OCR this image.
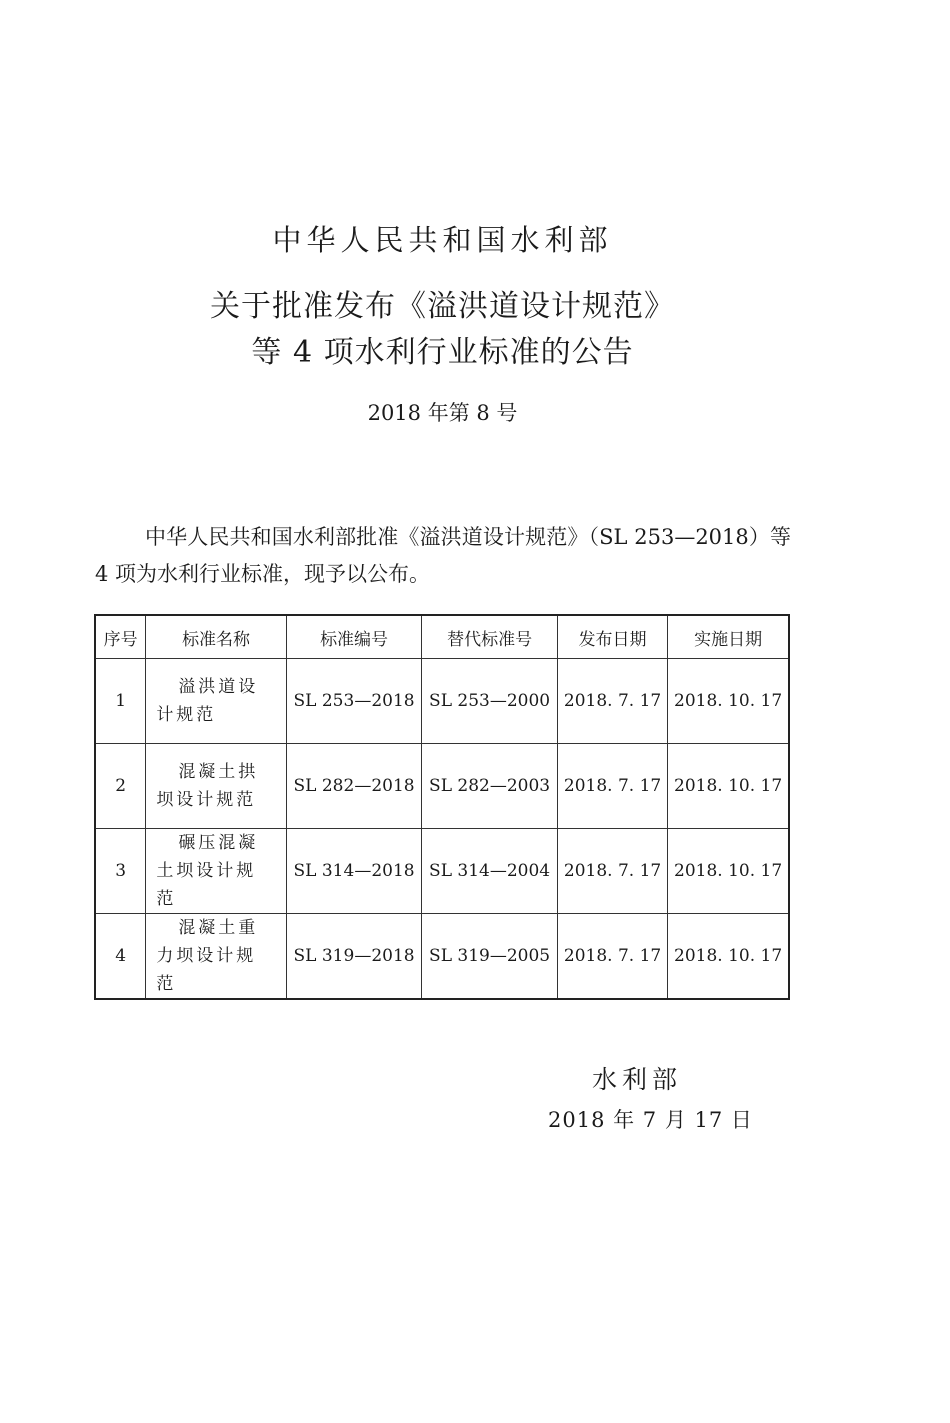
中华人民共和国水利部
关于批准发布《溢洪道设计规范》
等 4 项水利行业标准的公告
2018 年第 8 号

中华人民共和国水利部批准《溢洪道设计规范》（SL 253—2018）等 4 项为水利行业标准，现予以公布。

序号	标准名称	标准编号	替代标准号	发布日期	实施日期
1	溢洪道设计规范	SL 253—2018	SL 253—2000	2018. 7. 17	2018. 10. 17
2	混凝土拱坝设计规范	SL 282—2018	SL 282—2003	2018. 7. 17	2018. 10. 17
3	碾压混凝土坝设计规范	SL 314—2018	SL 314—2004	2018. 7. 17	2018. 10. 17
4	混凝土重力坝设计规范	SL 319—2018	SL 319—2005	2018. 7. 17	2018. 10. 17
水利部
2018 年 7 月 17 日
